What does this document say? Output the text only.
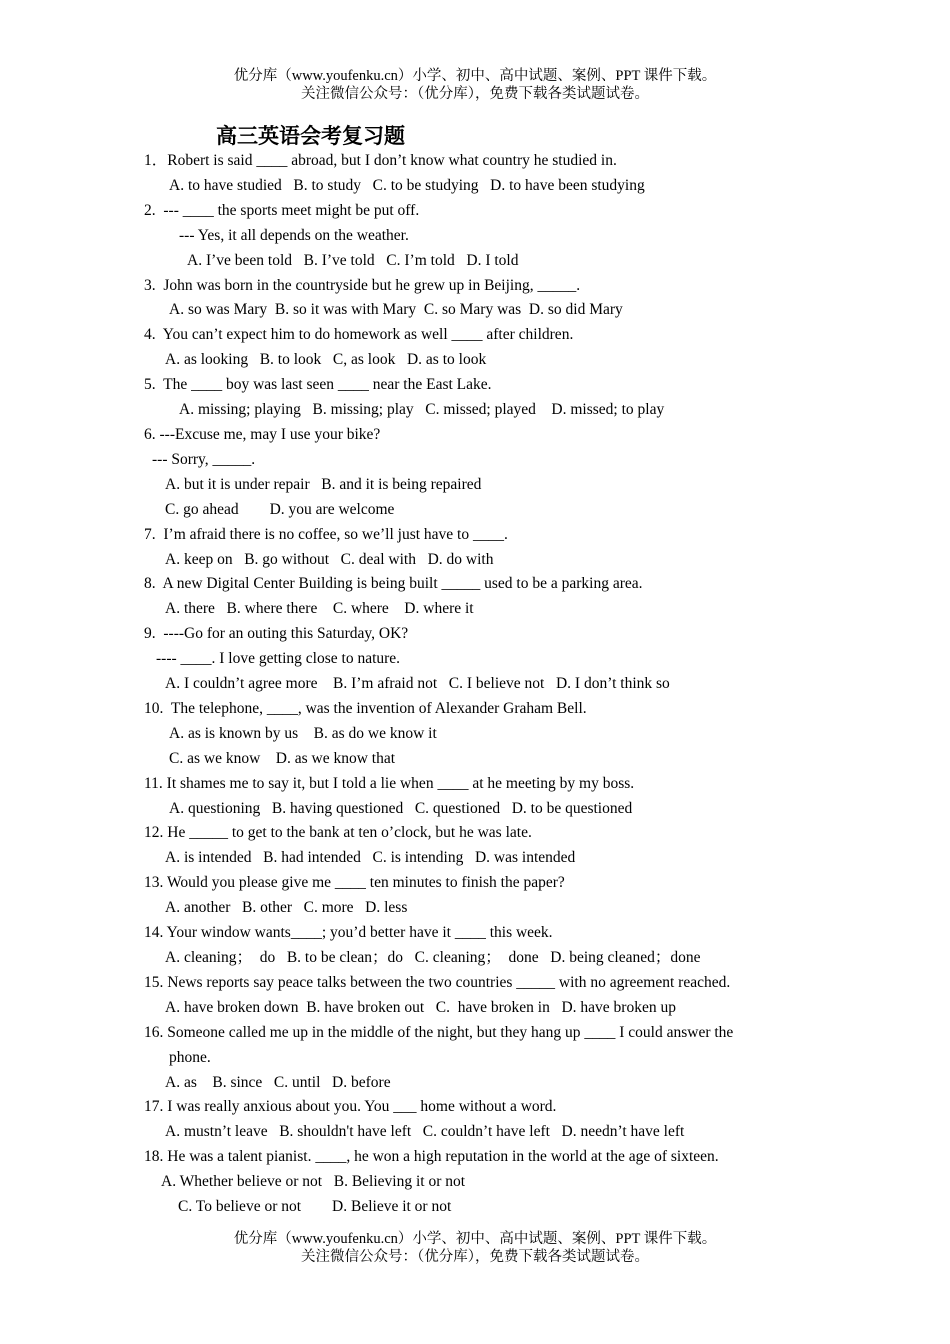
优分库（www.youfenku.cn）小学、初中、高中试题、案例、PPT 课件下载。
关注微信公众号：（优分库），免费下载各类试题试卷。
高三英语会考复习题
1．Robert is said ____ abroad, but I don’t know what country he studied in.
A. to have studied   B. to study   C. to be studying   D. to have been studying
2.  --- ____ the sports meet might be put off.
--- Yes, it all depends on the weather.
A. I’ve been told   B. I’ve told   C. I’m told   D. I told
3.  John was born in the countryside but he grew up in Beijing, _____.
A. so was Mary  B. so it was with Mary  C. so Mary was  D. so did Mary
4.  You can’t expect him to do homework as well ____ after children.
A. as looking   B. to look   C, as look   D. as to look
5.  The ____ boy was last seen ____ near the East Lake.
A. missing; playing   B. missing; play   C. missed; played    D. missed; to play
6. ---Excuse me, may I use your bike?
--- Sorry, _____.
A. but it is under repair   B. and it is being repaired
C. go ahead        D. you are welcome
7.  I’m afraid there is no coffee, so we’ll just have to ____.
A. keep on   B. go without   C. deal with   D. do with
8.  A new Digital Center Building is being built _____ used to be a parking area.
A. there   B. where there    C. where    D. where it
9.  ----Go for an outing this Saturday, OK?
---- ____. I love getting close to nature.
A. I couldn’t agree more    B. I’m afraid not   C. I believe not   D. I don’t think so
10.  The telephone, ____, was the invention of Alexander Graham Bell.
A. as is known by us    B. as do we know it
C. as we know    D. as we know that
11. It shames me to say it, but I told a lie when ____ at he meeting by my boss.
A. questioning   B. having questioned   C. questioned   D. to be questioned
12. He _____ to get to the bank at ten o’clock, but he was late.
A. is intended   B. had intended   C. is intending   D. was intended
13. Would you please give me ____ ten minutes to finish the paper?
A. another   B. other   C. more   D. less
14. Your window wants____; you’d better have it ____ this week.
A. cleaning；  do   B. to be clean；do   C. cleaning；  done   D. being cleaned；done
15. News reports say peace talks between the two countries _____ with no agreement reached.
A. have broken down  B. have broken out   C.  have broken in   D. have broken up
16. Someone called me up in the middle of the night, but they hang up ____ I could answer the
phone.
A. as    B. since   C. until   D. before
17. I was really anxious about you. You ___ home without a word.
A. mustn’t leave   B. shouldn't have left   C. couldn’t have left   D. needn’t have left
18. He was a talent pianist. ____, he won a high reputation in the world at the age of sixteen.
A. Whether believe or not   B. Believing it or not
C. To believe or not        D. Believe it or not
优分库（www.youfenku.cn）小学、初中、高中试题、案例、PPT 课件下载。
关注微信公众号：（优分库），免费下载各类试题试卷。
